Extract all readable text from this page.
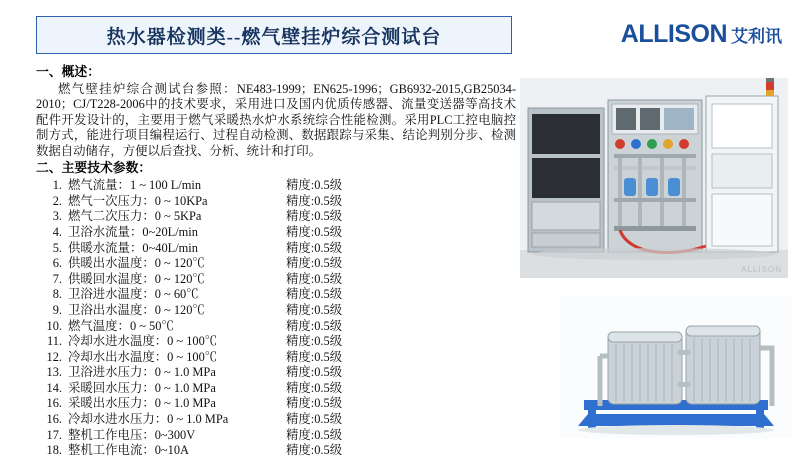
热水器检测类--燃气壁挂炉综合测试台	ALLISON 艾利讯
一、概述：
燃气壁挂炉综合测试台参照：NE483-1999；EN625-1996；GB6932-2015,GB25034-2010；CJ/T228-2006中的技术要求，采用进口及国内优质传感器、流量变送器等高技术配件开发设计的，主要用于燃气采暖热水炉水系统综合性能检测。采用PLC工控电脑控制方式，能进行项目编程运行、过程自动检测、数据跟踪与采集、结论判别分步、检测数据自动储存，方便以后查找、分析、统计和打印。
二、主要技术参数：
1. 燃气流量：1 ~ 100 L/min	精度:0.5级
2. 燃气一次压力：0 ~ 10KPa	精度:0.5级
3. 燃气二次压力：0 ~ 5KPa	精度:0.5级
4. 卫浴水流量：0~20L/min	精度:0.5级
5. 供暖水流量：0~40L/min	精度:0.5级
6. 供暖出水温度：0 ~ 120℃	精度:0.5级
7. 供暖回水温度：0 ~ 120℃	精度:0.5级
8. 卫浴进水温度：0 ~ 60℃	精度:0.5级
9. 卫浴出水温度：0 ~ 120℃	精度:0.5级
10. 燃气温度：0 ~ 50℃	精度:0.5级
11. 冷却水进水温度：0 ~ 100℃	精度:0.5级
12. 冷却水出水温度：0 ~ 100℃	精度:0.5级
13. 卫浴进水压力：0 ~ 1.0 MPa	精度:0.5级
14. 采暖回水压力：0 ~ 1.0 MPa	精度:0.5级
16. 采暖出水压力：0 ~ 1.0 MPa	精度:0.5级
16. 冷却水进水压力：0 ~ 1.0 MPa	精度:0.5级
17. 整机工作电压：0~300V	精度:0.5级
18. 整机工作电流：0~10A	精度:0.5级
ALLISON
